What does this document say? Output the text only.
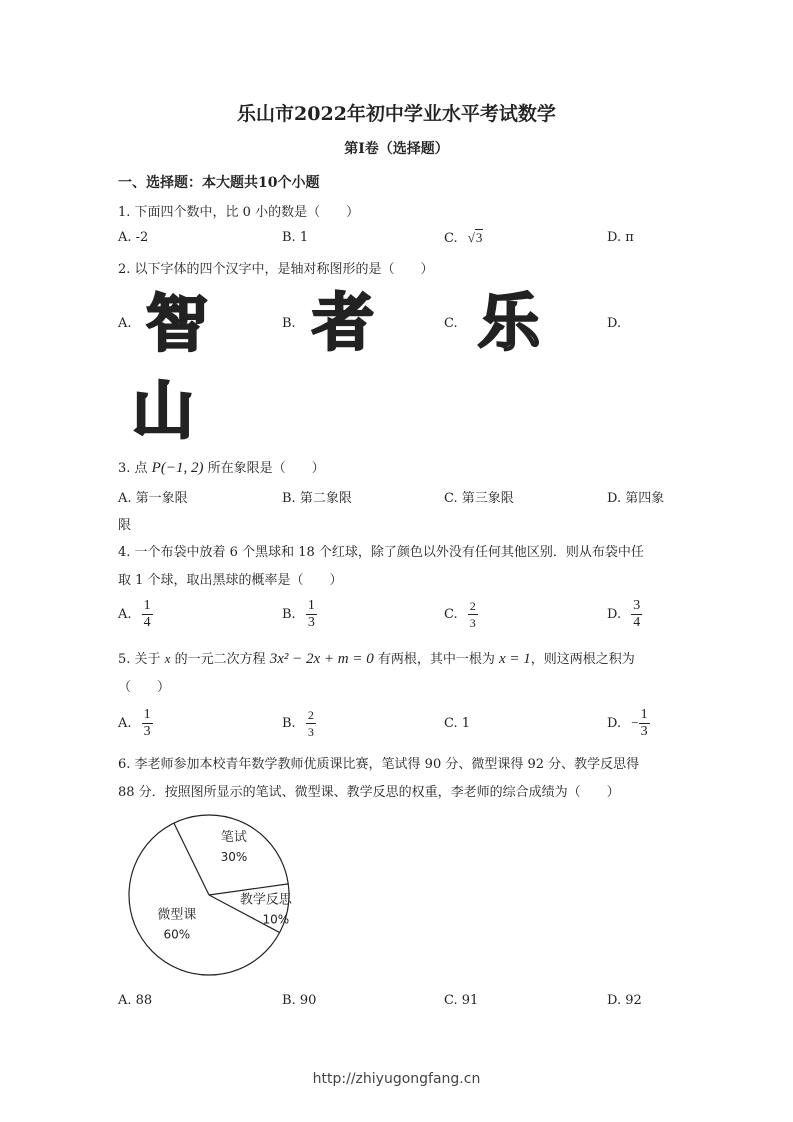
乐山市2022年初中学业水平考试数学
第Ⅰ卷（选择题）
一、选择题：本大题共10个小题
1. 下面四个数中，比 0 小的数是（　　）
A. -2	B. 1	C. √3	D. π
2. 以下字体的四个汉字中，是轴对称图形的是（　　）
A. 智	B. 者	C. 乐	D.
山
3. 点 P(−1, 2) 所在象限是（　　）
A. 第一象限	B. 第二象限	C. 第三象限	D. 第四象
限
4. 一个布袋中放着 6 个黑球和 18 个红球，除了颜色以外没有任何其他区别．则从布袋中任
取 1 个球，取出黑球的概率是（　　）
A. $\frac{1}{4}$	B. $\frac{1}{3}$	C. $\frac{2}{3}$	D. $\frac{3}{4}$
5. 关于 x 的一元二次方程 3x² − 2x + m = 0 有两根，其中一根为 x = 1，则这两根之积为
（　　）
A. $\frac{1}{3}$	B. $\frac{2}{3}$	C. 1	D. − $\frac{1}{3}$
6. 李老师参加本校青年数学教师优质课比赛，笔试得 90 分、微型课得 92 分、教学反思得
88 分．按照图所显示的笔试、微型课、教学反思的权重，李老师的综合成绩为（　　）
笔试
30%
教学反思
10%
微型课
60%
A. 88	B. 90	C. 91	D. 92
http://zhiyugongfang.cn
